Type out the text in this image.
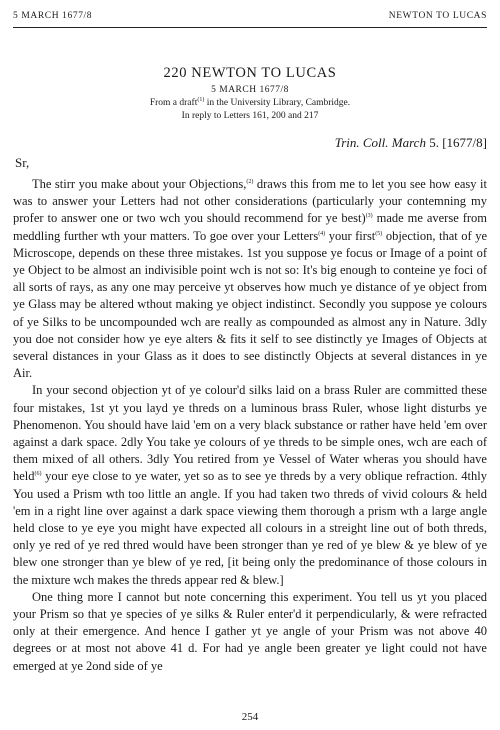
5 MARCH 1677/8	NEWTON TO LUCAS
220 NEWTON TO LUCAS
5 MARCH 1677/8
From a draft$^{(1)}$ in the University Library, Cambridge.
In reply to Letters 161, 200 and 217
Trin. Coll. March 5. [1677/8]
Sr,

The stirr you make about your Objections,$^{(2)}$ draws this from me to let you see how easy it was to answer your Letters had not other considerations (particularly your contemning my profer to answer one or two wch you should recommend for ye best)$^{(3)}$ made me averse from meddling further wth your matters. To goe over your Letters$^{(4)}$ your first$^{(5)}$ objection, that of ye Microscope, depends on these three mistakes. 1st you suppose ye focus or Image of a point of ye Object to be almost an indivisible point wch is not so: It's big enough to conteine ye foci of all sorts of rays, as any one may perceive yt observes how much ye distance of ye object from ye Glass may be altered wthout making ye object indistinct. Secondly you suppose ye colours of ye Silks to be uncompounded wch are really as compounded as almost any in Nature. 3dly you doe not consider how ye eye alters & fits it self to see distinctly ye Images of Objects at several distances in your Glass as it does to see distinctly Objects at several distances in ye Air.

In your second objection yt of ye colour'd silks laid on a brass Ruler are committed these four mistakes, 1st yt you layd ye threds on a luminous brass Ruler, whose light disturbs ye Phenomenon. You should have laid 'em on a very black substance or rather have held 'em over against a dark space. 2dly You take ye colours of ye threds to be simple ones, wch are each of them mixed of all others. 3dly You retired from ye Vessel of Water wheras you should have held$^{(6)}$ your eye close to ye water, yet so as to see ye threds by a very oblique refraction. 4thly You used a Prism wth too little an angle. If you had taken two threds of vivid colours & held 'em in a right line over against a dark space viewing them thorough a prism wth a large angle held close to ye eye you might have expected all colours in a streight line out of both threds, only ye red of ye red thred would have been stronger than ye red of ye blew & ye blew of ye blew one stronger than ye blew of ye red, [it being only the predominance of those colours in the mixture wch makes the threds appear red & blew.]

One thing more I cannot but note concerning this experiment. You tell us yt you placed your Prism so that ye species of ye silks & Ruler enter'd it perpendicularly, & were refracted only at their emergence. And hence I gather yt ye angle of your Prism was not above 40 degrees or at most not above 41 d. For had ye angle been greater ye light could not have emerged at ye 2ond side of ye

254
